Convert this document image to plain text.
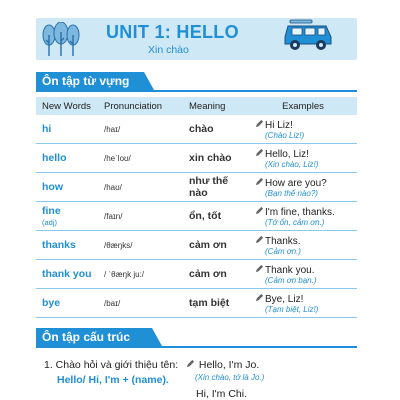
UNIT 1: HELLO
Xin chào
Ôn tập từ vựng
New Words	Pronunciation	Meaning	Examples
hi	/haɪ/	chào	Hi Liz!
(Chào Liz!)

hello	/heˈloʊ/	xin chào	Hello, Liz!
(Xin chào, Liz!)

how	/haʊ/	như thế nào	How are you?
(Bạn thế nào?)

fine
(adj)	/faɪn/	ổn, tốt	I'm fine, thanks.
(Tớ ổn, cảm ơn.)

thanks	/θæŋks/	cảm ơn	Thanks.
(Cảm ơn.)

thank you	/ ˈθæŋk ju:/	cảm ơn	Thank you.
(Cảm ơn bạn.)

bye	/baɪ/	tạm biệt	Bye, Liz!
(Tạm biệt, Liz!)
Ôn tập cấu trúc
1. Chào hỏi và giới thiệu tên:
Hello/ Hi, I'm + (name).
Hello, I'm Jo.
(Xin chào, tớ là Jo.)
Hi, I'm Chi.
